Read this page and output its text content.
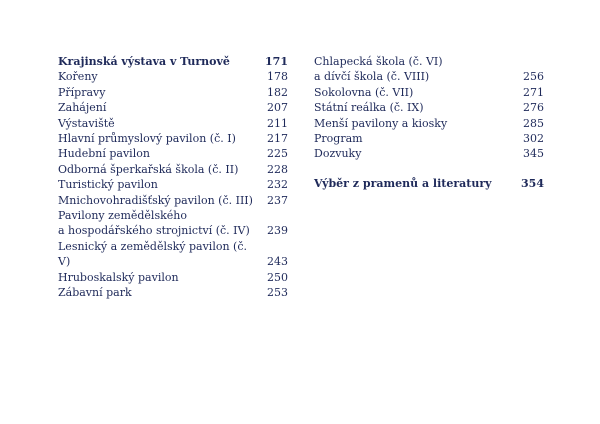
Krajinská výstava v Turnově	171
Kořeny	178
Přípravy	182
Zahájení	207
Výstaviště	211
Hlavní průmyslový pavilon (č. I)	217
Hudební pavilon	225
Odborná šperkařská škola (č. II)	228
Turistický pavilon	232
Mnichovohradišťský pavilon (č. III)	237
Pavilony zemědělského
a hospodářského strojnictví (č. IV)	239
Lesnický a zemědělský pavilon (č. V)	243
Hruboskalský pavilon	250
Zábavní park	253
Chlapecká škola (č. VI)
a dívčí škola (č. VIII)	256
Sokolovna (č. VII)	271
Státní reálka (č. IX)	276
Menší pavilony a kiosky	285
Program	302
Dozvuky	345
Výběr z pramenů a literatury	354
